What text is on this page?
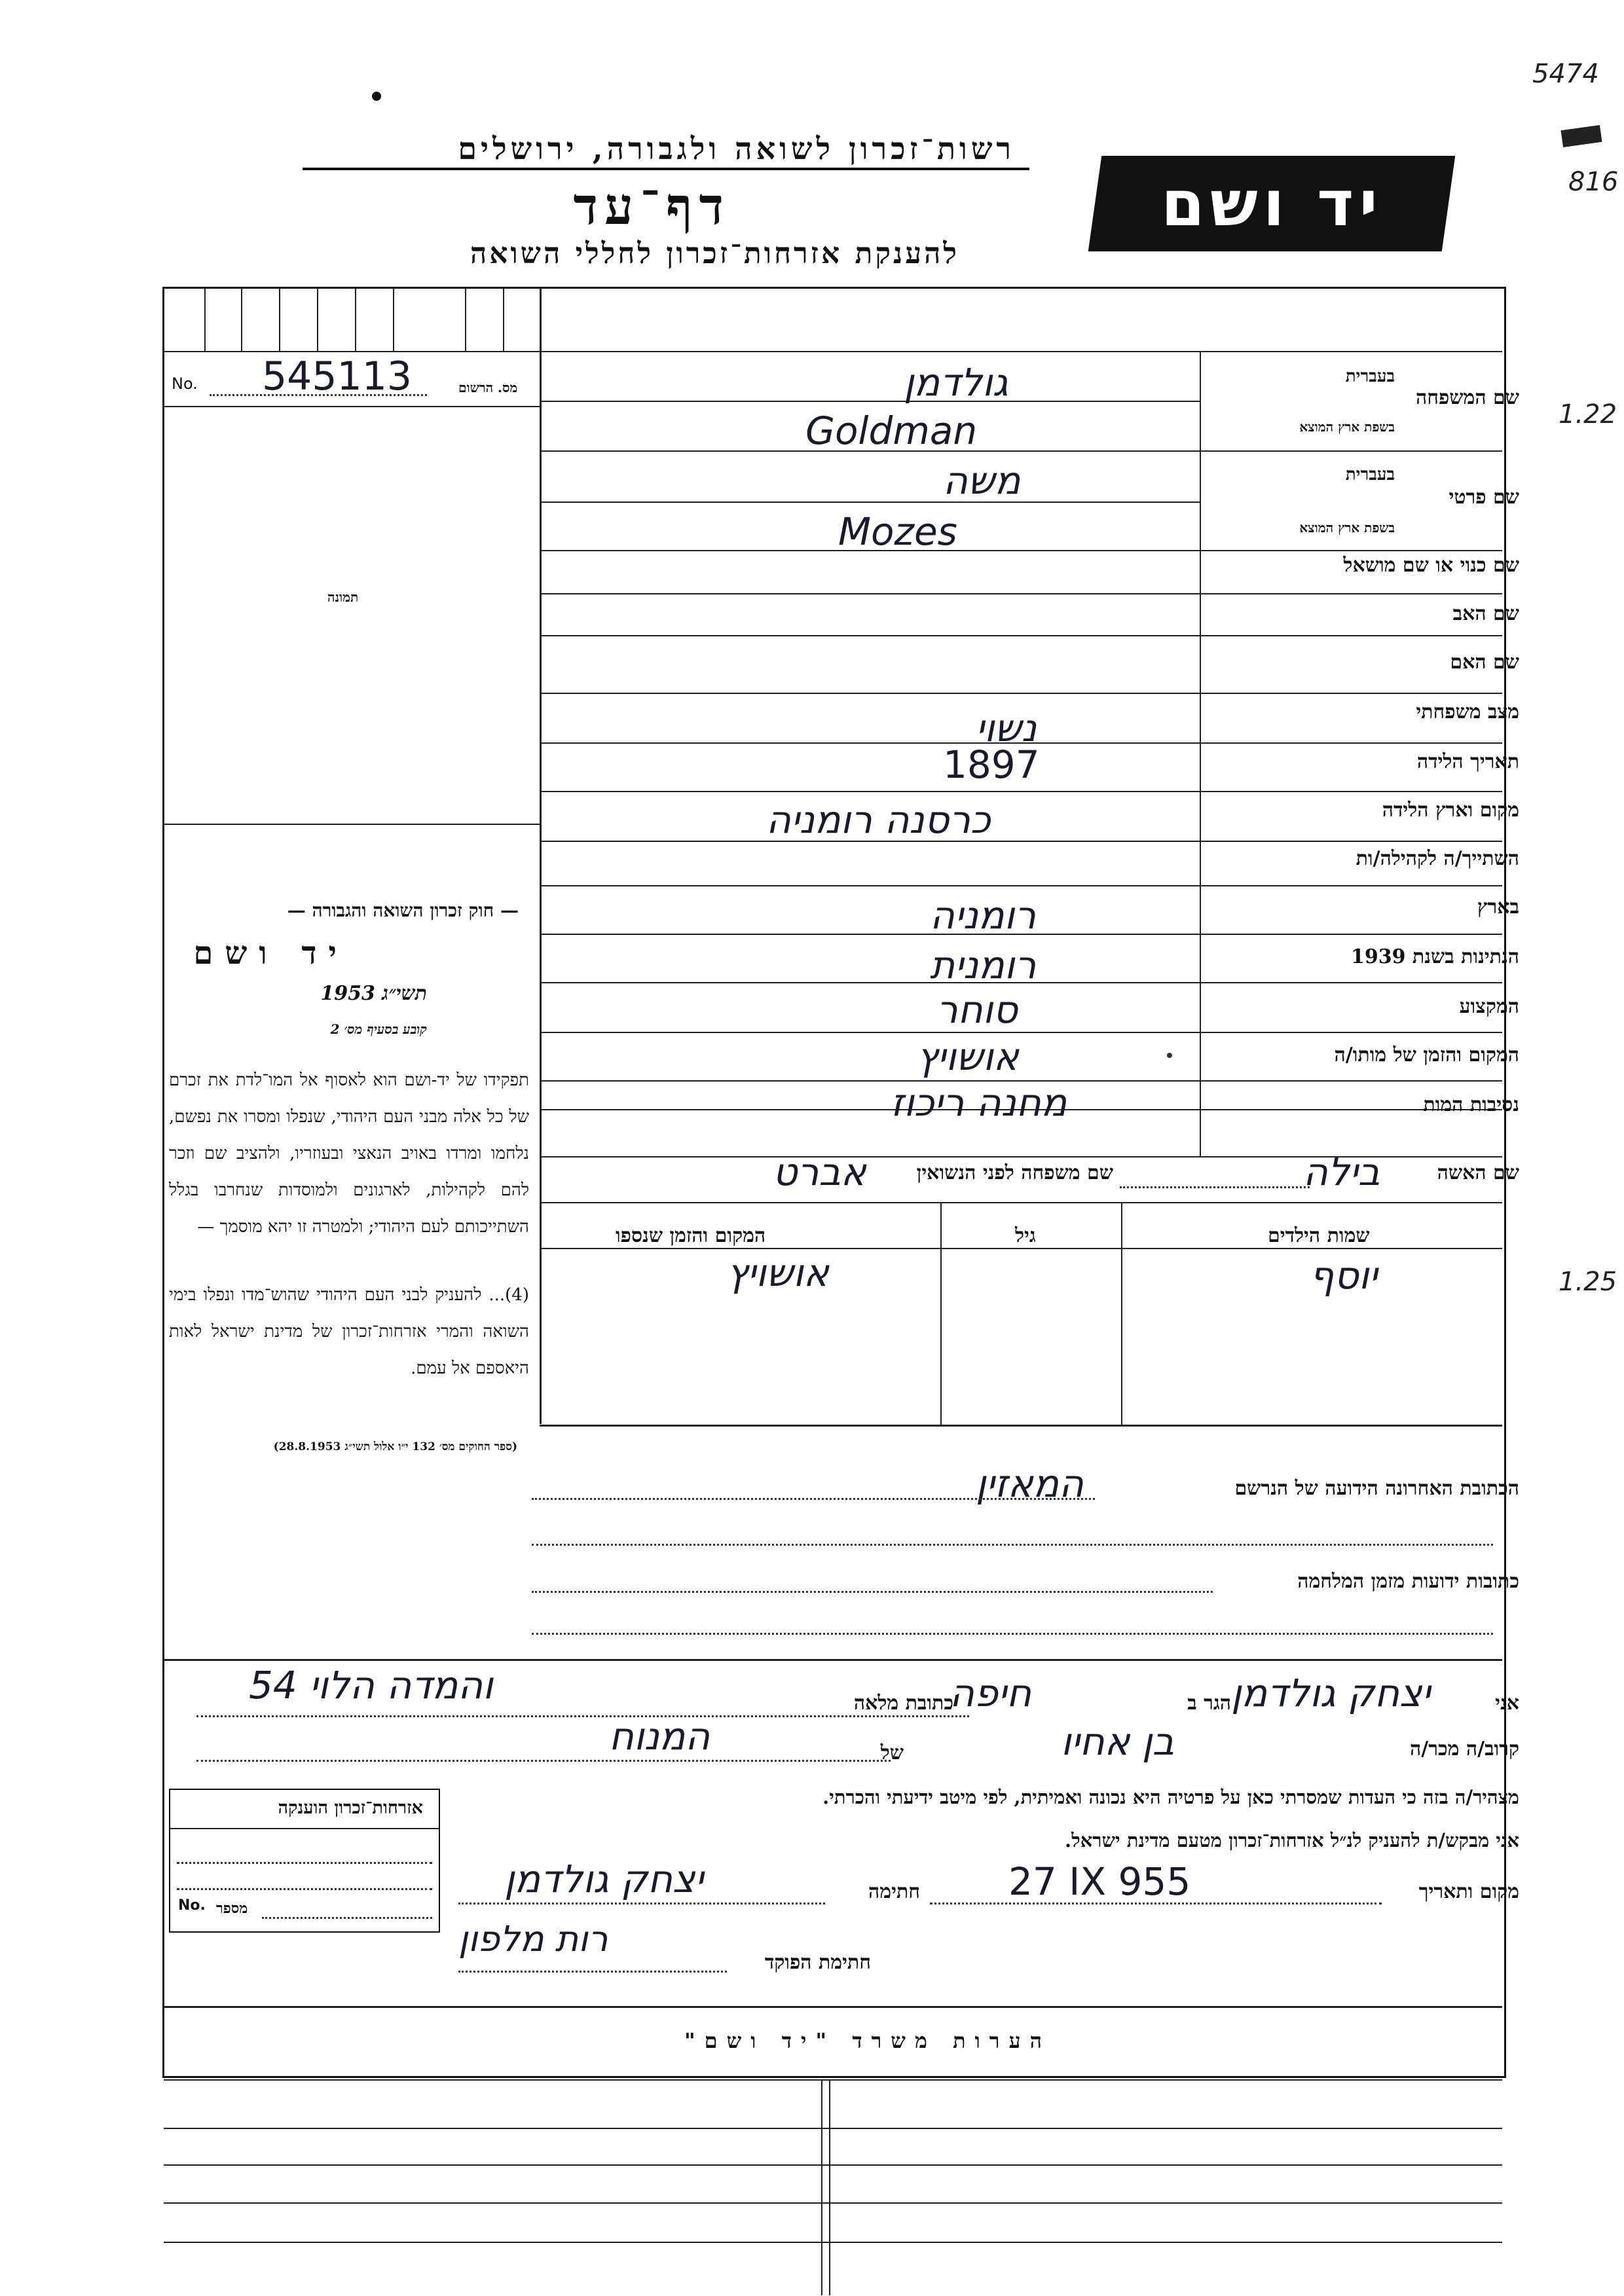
5474
816
1.22
1.25
רשות־זכרון לשואה ולגבורה, ירושלים
דף־עד
להענקת אזרחות־זכרון לחללי השואה
יד ושם
No. 545113	מס. הרשום
תמונה
שם המשפחה
בעברית
בשפת ארץ המוצא
שם פרטי
בעברית
בשפת ארץ המוצא
שם כנוי או שם מושאל
שם האב
שם האם
מצב משפחתי
תאריך הלידה
מקום וארץ הלידה
השתייך/ה לקהילה/ות
בארץ
הנתינות בשנת 1939
המקצוע
המקום והזמן של מותו/ה
נסיבות המות
גולדמן
Goldman
משה
Mozes
נשוי
1897
כרסנה רומניה
רומניה
רומנית
סוחר
אושויץ
מחנה ריכוז
— חוק זכרון השואה והגבורה —
יד ושם
תשי״ג 1953
קובע בסעיף מס׳ 2
תפקידו של יד-ושם הוא לאסוף אל המו־לדת את זכרם של כל אלה מבני העם היהודי, שנפלו ומסרו את נפשם, נלחמו ומרדו באויב הנאצי ובעוזריו, ולהציב שם וזכר להם לקהילות, לארגונים ולמוסדות שנחרבו בגלל השתייכותם לעם היהודי; ולמטרה זו יהא מוסמך —
(4)... להעניק לבני העם היהודי שהוש־מדו ונפלו בימי השואה והמרי אזרחות־זכרון של מדינת ישראל לאות היאספם אל עמם.
(ספר החוקים מס׳ 132 י״ו אלול תשי״ג 28.8.1953)
שם האשה
בילה
שם משפחה לפני הנשואין
אברט
שמות הילדים
גיל
המקום והזמן שנספו
יוסף
אושויץ
הכתובת האחרונה הידועה של הנרשם
המאזין
כתובות ידועות מזמן המלחמה
אני
יצחק גולדמן
הגר ב
חיפה
כתובת מלאה
והמדה הלוי 54
קרוב/ה מכר/ה
בן אחיו
של
המנוח
מצהיר/ה בזה כי העדות שמסרתי כאן על פרטיה היא נכונה ואמיתית, לפי מיטב ידיעתי והכרתי.
אני מבקש/ת להעניק לנ״ל אזרחות־זכרון מטעם מדינת ישראל.
מקום ותאריך
27 IX 955
חתימה
יצחק גולדמן
חתימת הפוקד
רות מלפון
אזרחות־זכרון הוענקה
No. מספר
הערות משרד "יד ושם"
